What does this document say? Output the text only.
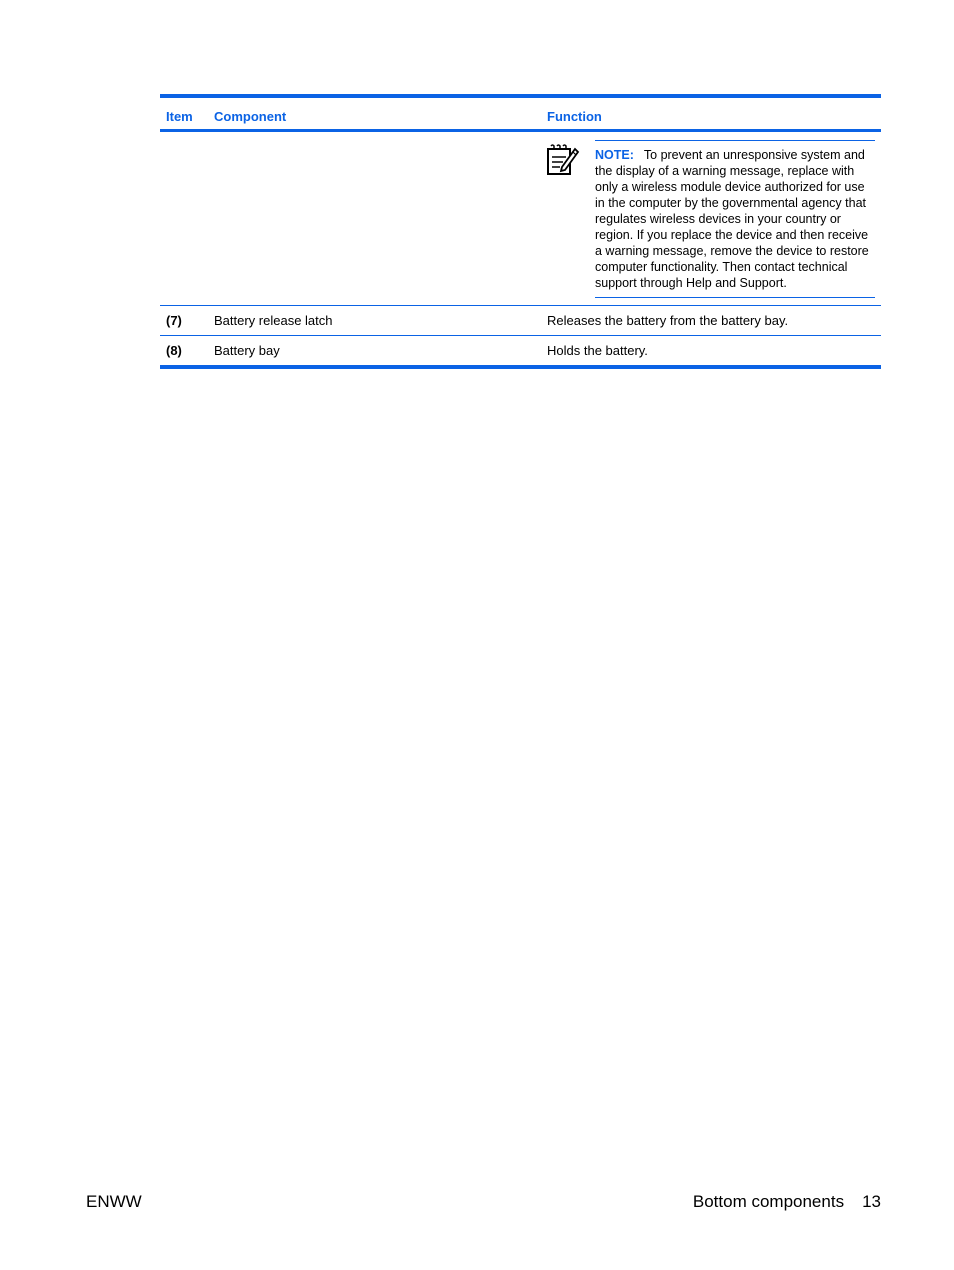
Item Component	Function
NOTE: To prevent an unresponsive system and the display of a warning message, replace with only a wireless module device authorized for use in the computer by the governmental agency that regulates wireless devices in your country or region. If you replace the device and then receive a warning message, remove the device to restore computer functionality. Then contact technical support through Help and Support.
(7) Battery release latch	Releases the battery from the battery bay.
(8) Battery bay	Holds the battery.
ENWW	Bottom components 13
